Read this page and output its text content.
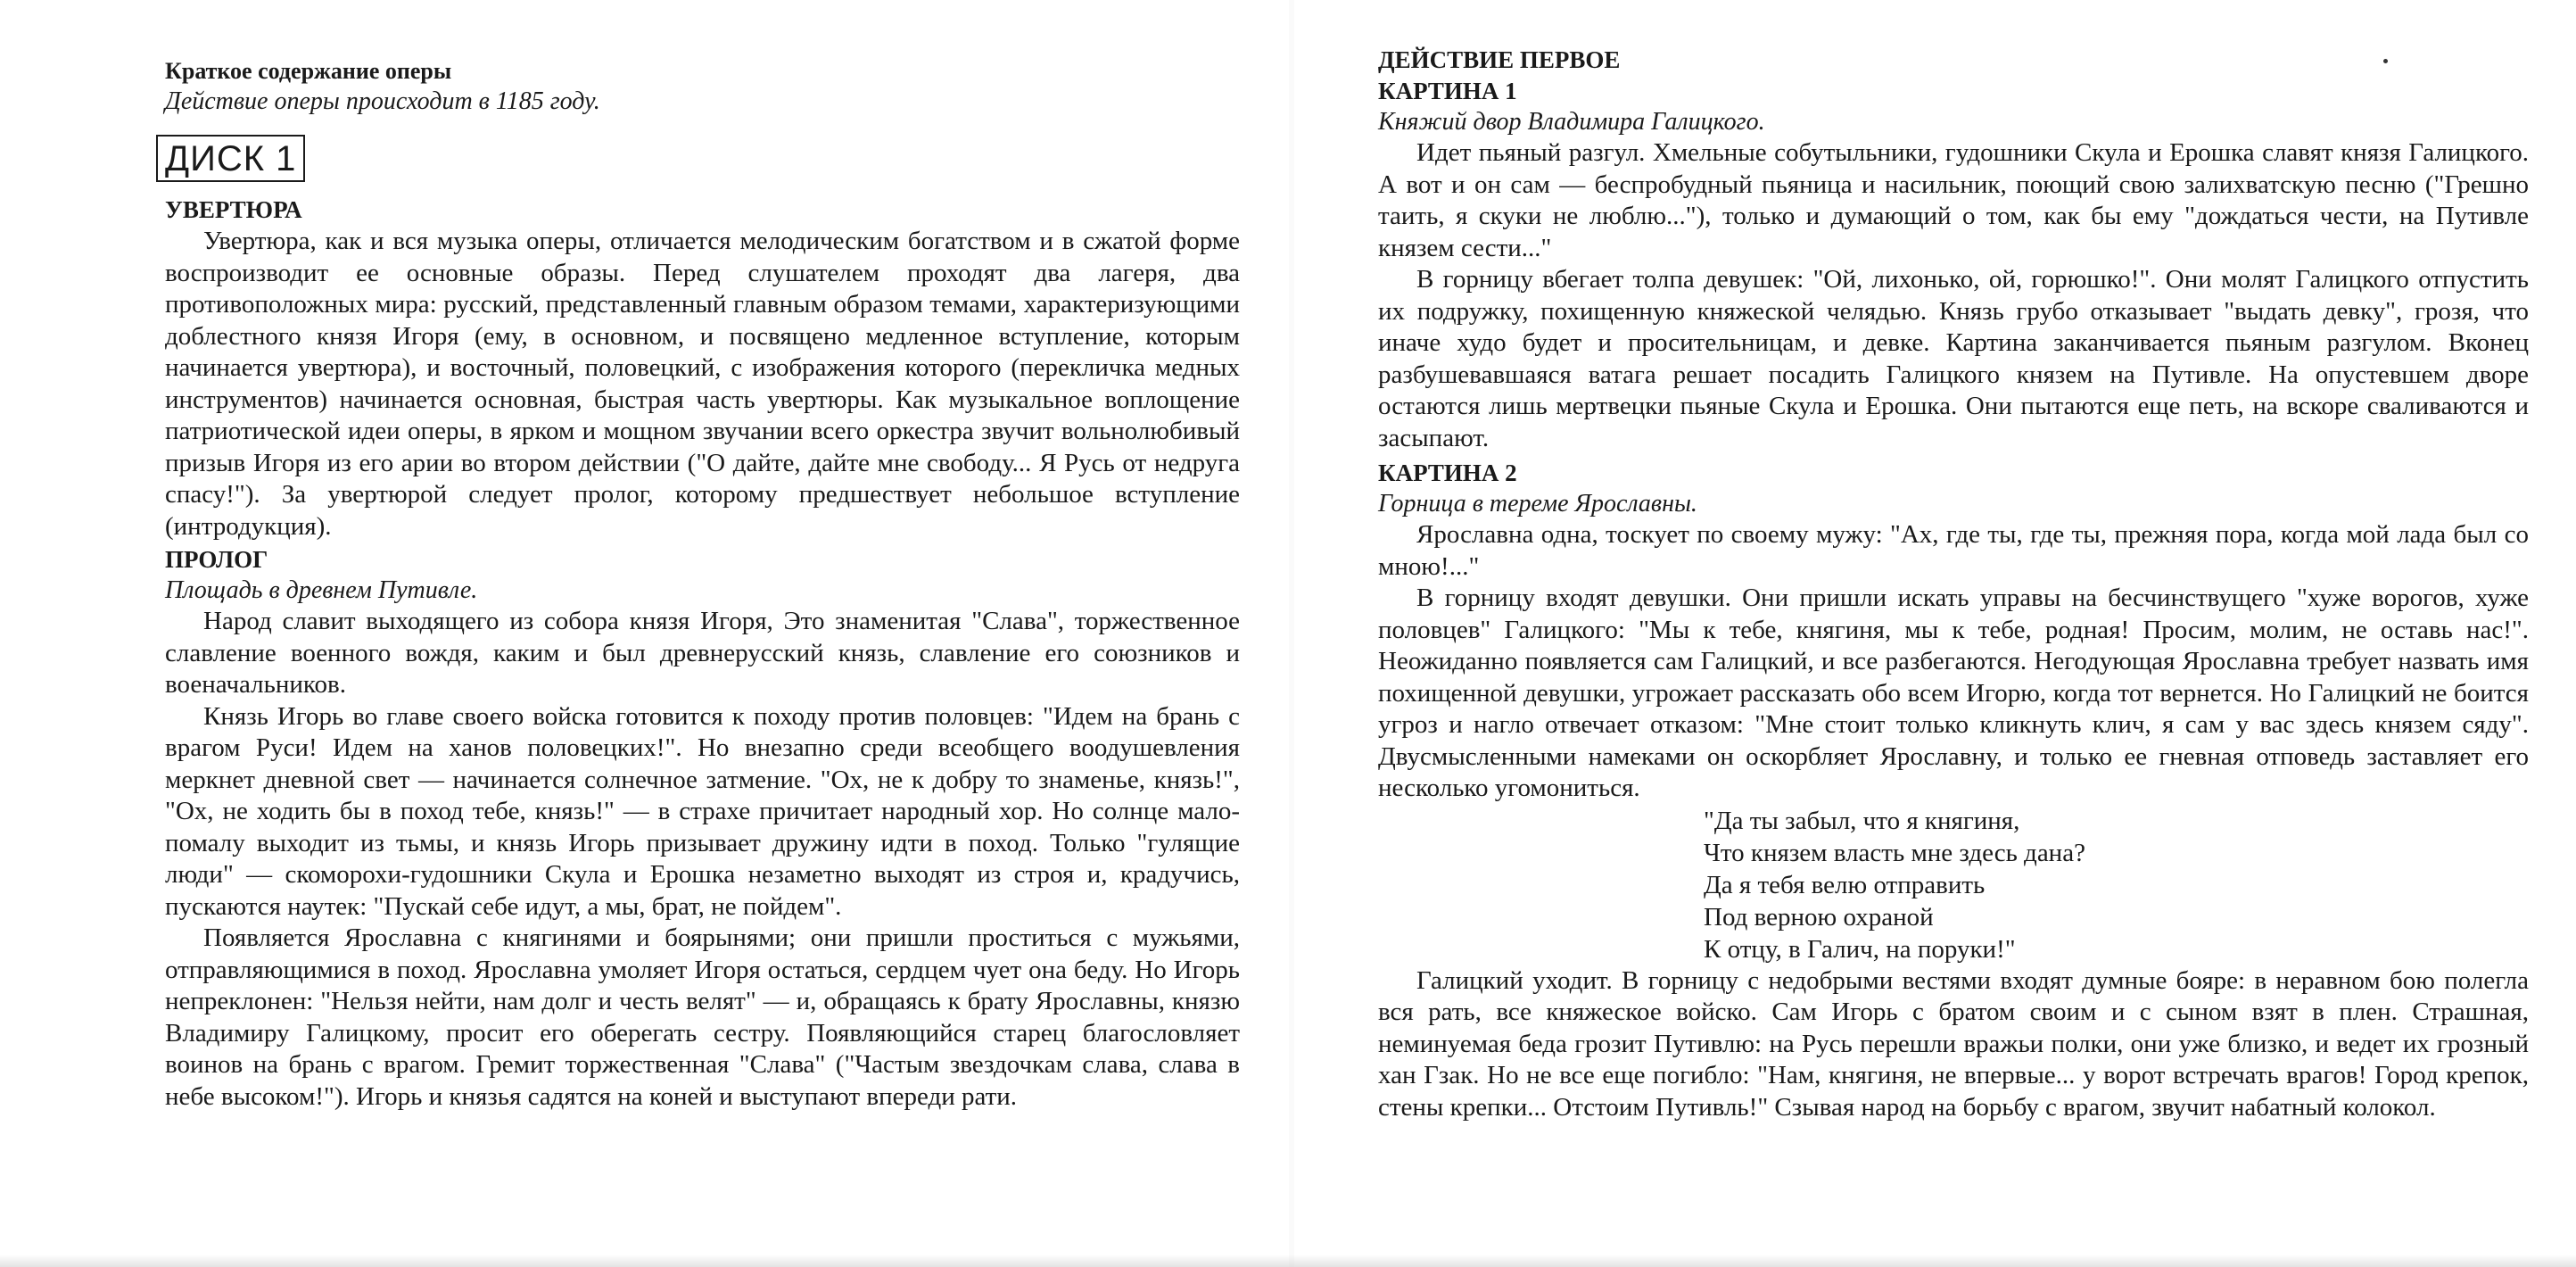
Краткое содержание оперы
Действие оперы происходит в 1185 году.
ДИСК 1
УВЕРТЮРА

Увертюра, как и вся музыка оперы, отличается мелодическим богатством и в сжатой форме воспроизводит ее основные образы. Перед слушателем проходят два лагеря, два противоположных мира: русский, представленный главным образом темами, характеризующими доблестного князя Игоря (ему, в основном, и посвящено медленное вступление, которым начинается увертюра), и восточный, половецкий, с изображения которого (перекличка медных инструментов) начинается основная, быстрая часть увертюры. Как музыкальное воплощение патриотической идеи оперы, в ярком и мощном звучании всего оркестра звучит вольнолюбивый призыв Игоря из его арии во втором действии ("О дайте, дайте мне свободу... Я Русь от недруга спасу!"). За увертюрой следует пролог, которому предшествует небольшое вступление (интродукция).

ПРОЛОГ
Площадь в древнем Путивле.

Народ славит выходящего из собора князя Игоря, Это знаменитая "Слава", торжественное славление военного вождя, каким и был древнерусский князь, славление его союзников и военачальников.

Князь Игорь во главе своего войска готовится к походу против половцев: "Идем на брань с врагом Руси! Идем на ханов половецких!". Но внезапно среди всеобщего воодушевления меркнет дневной свет — начинается солнечное затмение. "Ох, не к добру то знаменье, князь!", "Ох, не ходить бы в поход тебе, князь!" — в страхе причитает народный хор. Но солнце мало-помалу выходит из тьмы, и князь Игорь призывает дружину идти в поход. Только "гулящие люди" — скоморохи-гудошники Скула и Ерошка незаметно выходят из строя и, крадучись, пускаются наутек: "Пускай себе идут, а мы, брат, не пойдем".

Появляется Ярославна с княгинями и боярынями; они пришли проститься с мужьями, отправляющимися в поход. Ярославна умоляет Игоря остаться, сердцем чует она беду. Но Игорь непреклонен: "Нельзя нейти, нам долг и честь велят" — и, обращаясь к брату Ярославны, князю Владимиру Галицкому, просит его оберегать сестру. Появляющийся старец благословляет воинов на брань с врагом. Гремит торжественная "Слава" ("Частым звездочкам слава, слава в небе высоком!"). Игорь и князья садятся на коней и выступают впереди рати.

ДЕЙСТВИЕ ПЕРВОЕ
КАРТИНА 1
Княжий двор Владимира Галицкого.

Идет пьяный разгул. Хмельные собутыльники, гудошники Скула и Ерошка славят князя Галицкого. А вот и он сам — беспробудный пьяница и насильник, поющий свою залихватскую песню ("Грешно таить, я скуки не люблю..."), только и думающий о том, как бы ему "дождаться чести, на Путивле князем сести..."

В горницу вбегает толпа девушек: "Ой, лихонько, ой, горюшко!". Они молят Галицкого отпустить их подружку, похищенную княжеской челядью. Князь грубо отказывает "выдать девку", грозя, что иначе худо будет и просительницам, и девке. Картина заканчивается пьяным разгулом. Вконец разбушевавшаяся ватага решает посадить Галицкого князем на Путивле. На опустевшем дворе остаются лишь мертвецки пьяные Скула и Ерошка. Они пытаются еще петь, на вскоре сваливаются и засыпают.

КАРТИНА 2
Горница в тереме Ярославны.

Ярославна одна, тоскует по своему мужу: "Ах, где ты, где ты, прежняя пора, когда мой лада был со мною!..."

В горницу входят девушки. Они пришли искать управы на бесчинствущего "хуже ворогов, хуже половцев" Галицкого: "Мы к тебе, княгиня, мы к тебе, родная! Просим, молим, не оставь нас!". Неожиданно появляется сам Галицкий, и все разбегаются. Негодующая Ярославна требует назвать имя похищенной девушки, угрожает рассказать обо всем Игорю, когда тот вернется. Но Галицкий не боится угроз и нагло отвечает отказом: "Мне стоит только кликнуть клич, я сам у вас здесь князем сяду". Двусмысленными намеками он оскорбляет Ярославну, и только ее гневная отповедь заставляет его несколько угомониться.

"Да ты забыл, что я княгиня,
Что князем власть мне здесь дана?
Да я тебя велю отправить
Под верною охраной
К отцу, в Галич, на поруки!"

Галицкий уходит. В горницу с недобрыми вестями входят думные бояре: в неравном бою полегла вся рать, все княжеское войско. Сам Игорь с братом своим и с сыном взят в плен. Страшная, неминуемая беда грозит Путивлю: на Русь перешли вражьи полки, они уже близко, и ведет их грозный хан Гзак. Но не все еще погибло: "Нам, княгиня, не впервые... у ворот встречать врагов! Город крепок, стены крепки... Отстоим Путивль!" Сзывая народ на борьбу с врагом, звучит набатный колокол.
